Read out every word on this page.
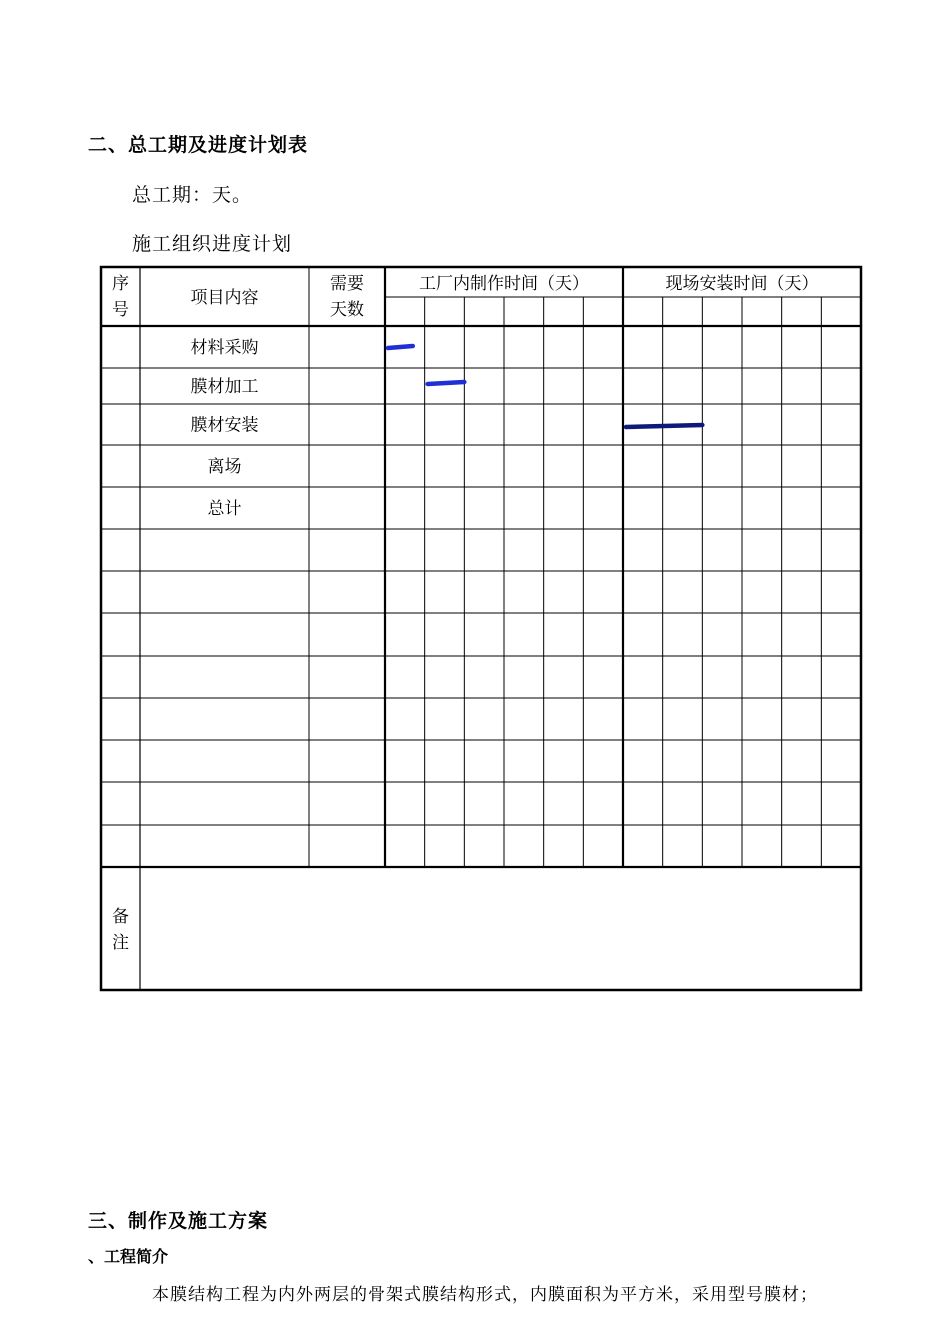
二、总工期及进度计划表
总工期：天。
施工组织进度计划
序
号
项目内容
需要
天数
工厂内制作时间（天）	现场安装时间（天）
材料采购
膜材加工
膜材安装
离场
总计
备
注
三、制作及施工方案
、工程简介
本膜结构工程为内外两层的骨架式膜结构形式，内膜面积为平方米，采用型号膜材；
